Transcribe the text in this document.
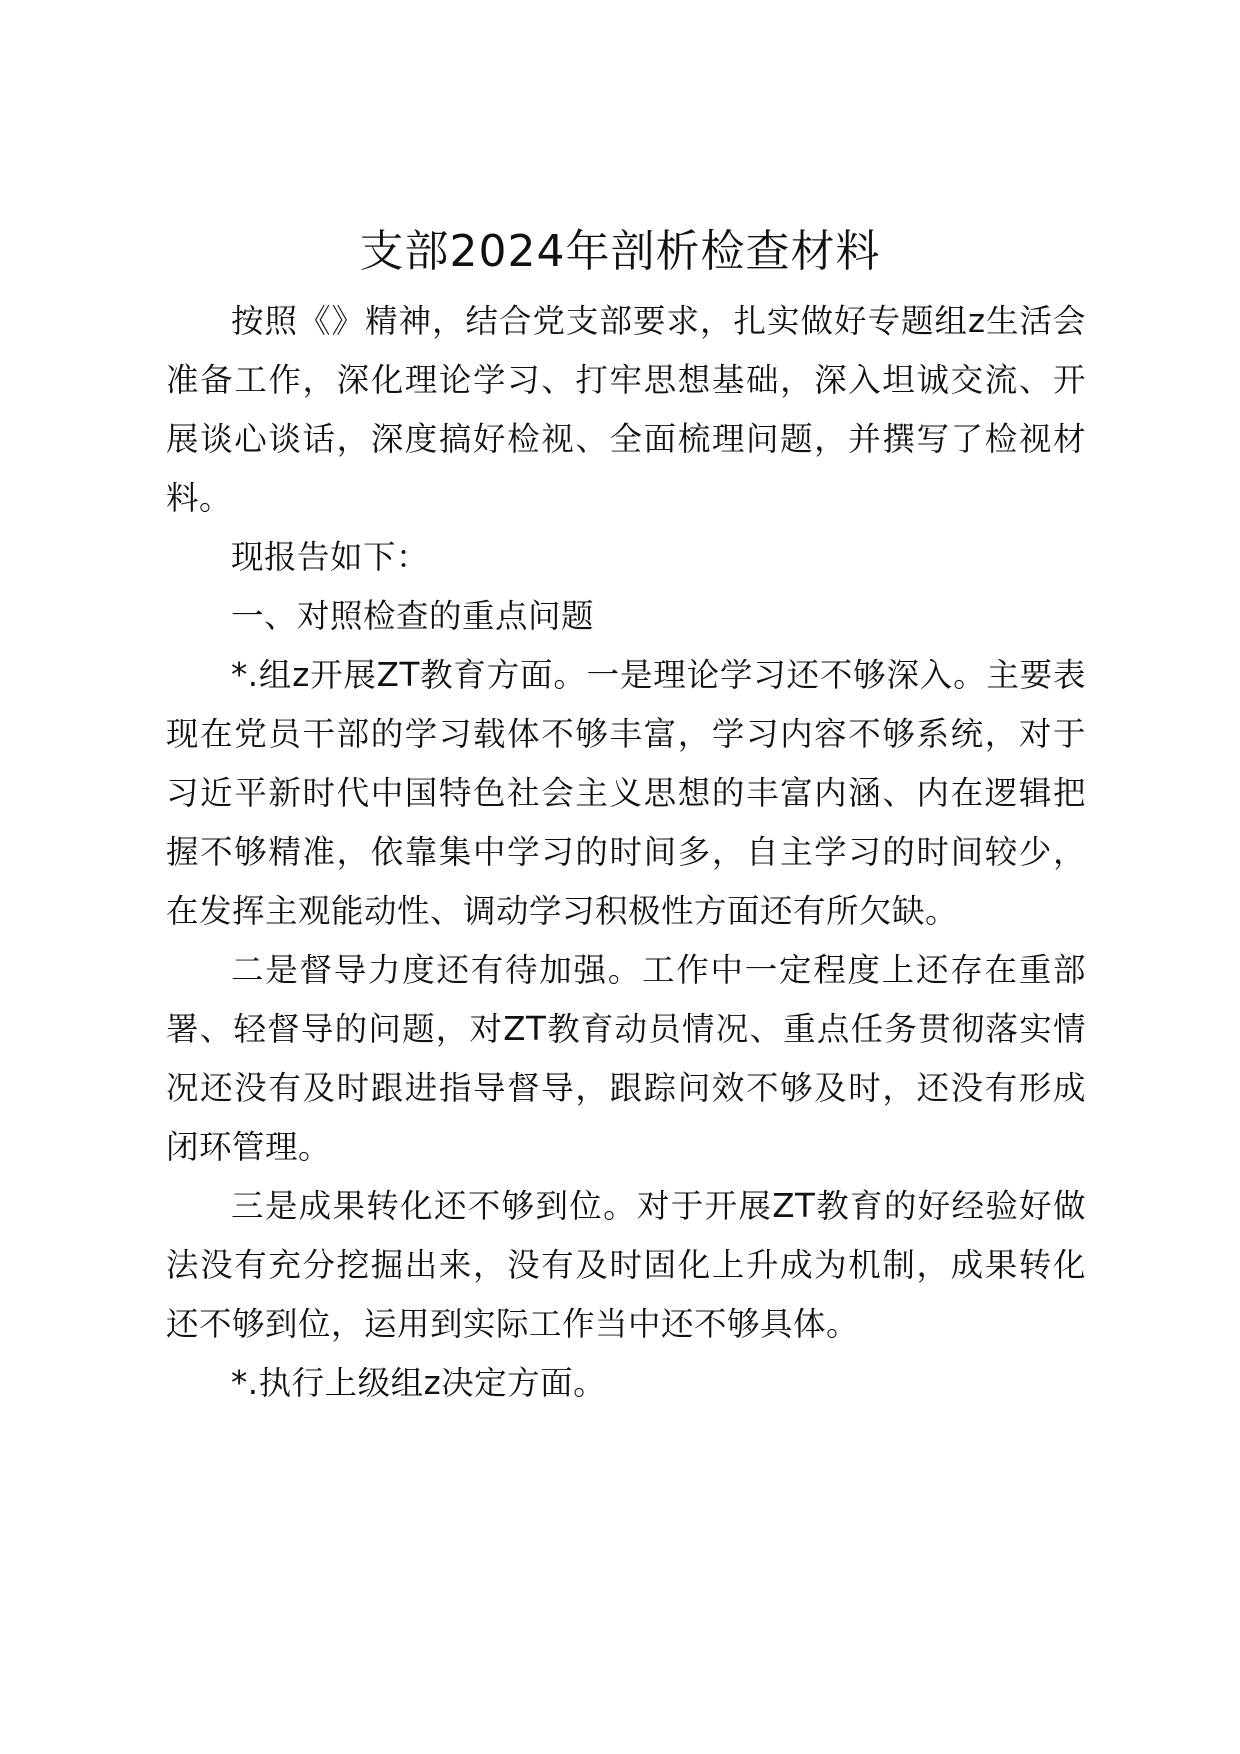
支部2024年剖析检查材料

按照《》精神，结合党支部要求，扎实做好专题组z生活会准备工作，深化理论学习、打牢思想基础，深入坦诚交流、开展谈心谈话，深度搞好检视、全面梳理问题，并撰写了检视材料。

现报告如下：

一、对照检查的重点问题

*.组z开展ZT教育方面。一是理论学习还不够深入。主要表现在党员干部的学习载体不够丰富，学习内容不够系统，对于习近平新时代中国特色社会主义思想的丰富内涵、内在逻辑把握不够精准，依靠集中学习的时间多，自主学习的时间较少，在发挥主观能动性、调动学习积极性方面还有所欠缺。

二是督导力度还有待加强。工作中一定程度上还存在重部署、轻督导的问题，对ZT教育动员情况、重点任务贯彻落实情况还没有及时跟进指导督导，跟踪问效不够及时，还没有形成闭环管理。

三是成果转化还不够到位。对于开展ZT教育的好经验好做法没有充分挖掘出来，没有及时固化上升成为机制，成果转化还不够到位，运用到实际工作当中还不够具体。

*.执行上级组z决定方面。
